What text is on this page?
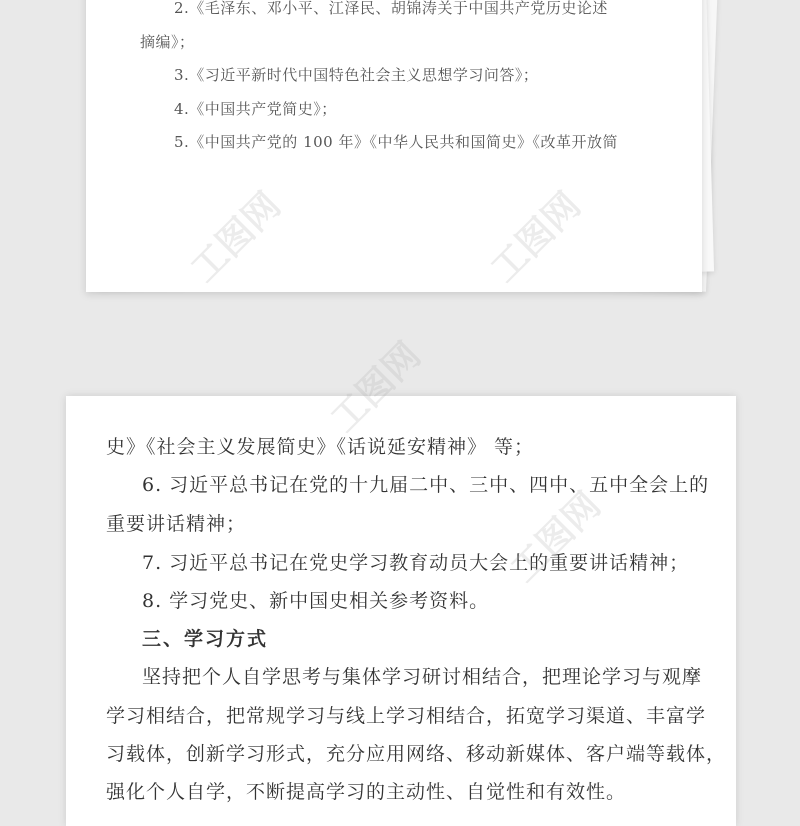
2.《毛泽东、邓小平、江泽民、胡锦涛关于中国共产党历史论述
摘编》；
3.《习近平新时代中国特色社会主义思想学习问答》；
4.《中国共产党简史》；
5.《中国共产党的 100 年》《中华人民共和国简史》《改革开放简
史》《社会主义发展简史》《话说延安精神》 等；
6. 习近平总书记在党的十九届二中、三中、四中、五中全会上的
重要讲话精神；
7. 习近平总书记在党史学习教育动员大会上的重要讲话精神；
8. 学习党史、新中国史相关参考资料。
三、学习方式
坚持把个人自学思考与集体学习研讨相结合，把理论学习与观摩
学习相结合，把常规学习与线上学习相结合，拓宽学习渠道、丰富学
习载体，创新学习形式，充分应用网络、移动新媒体、客户端等载体，
强化个人自学，不断提高学习的主动性、自觉性和有效性。
工图网	工图网
工图网
工图网
